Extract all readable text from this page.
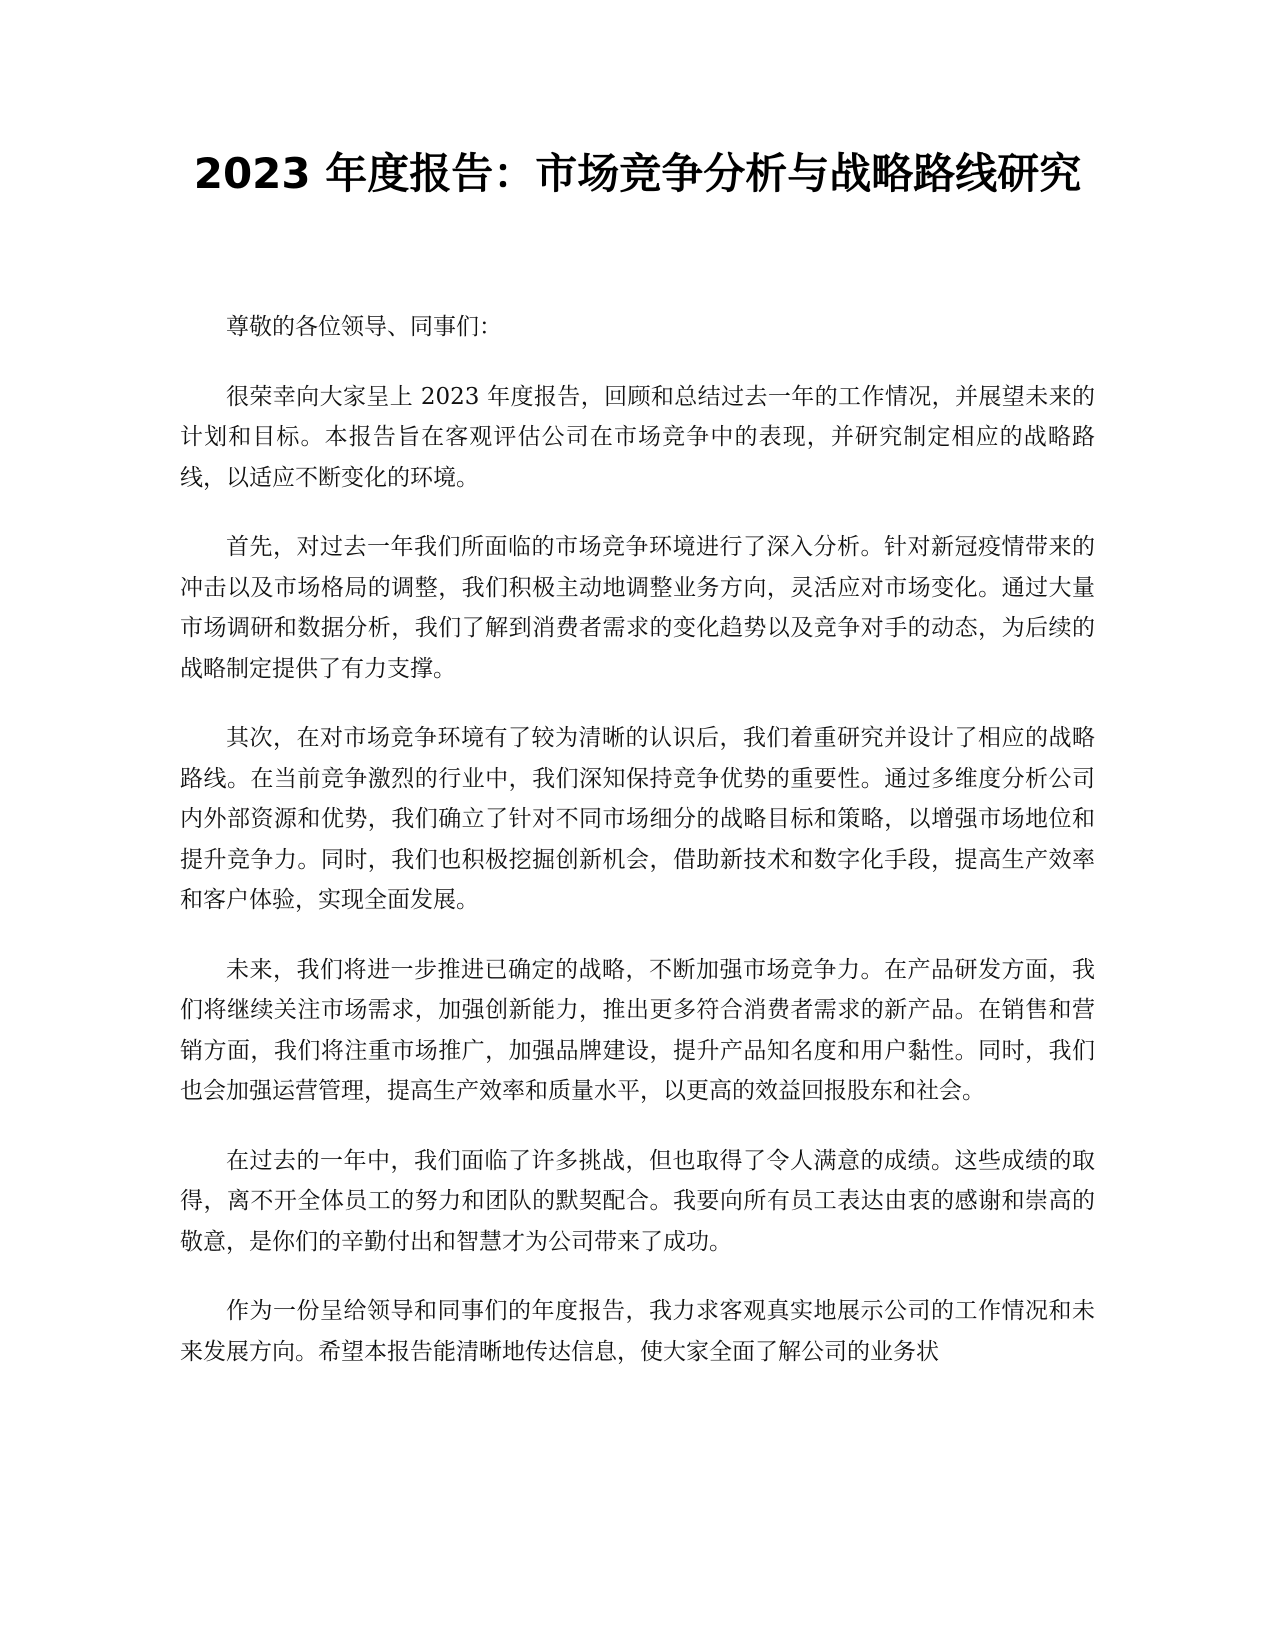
2023 年度报告：市场竞争分析与战略路线研究

尊敬的各位领导、同事们：

很荣幸向大家呈上 2023 年度报告，回顾和总结过去一年的工作情况，并展望未来的计划和目标。本报告旨在客观评估公司在市场竞争中的表现，并研究制定相应的战略路线，以适应不断变化的环境。

首先，对过去一年我们所面临的市场竞争环境进行了深入分析。针对新冠疫情带来的冲击以及市场格局的调整，我们积极主动地调整业务方向，灵活应对市场变化。通过大量市场调研和数据分析，我们了解到消费者需求的变化趋势以及竞争对手的动态，为后续的战略制定提供了有力支撑。

其次，在对市场竞争环境有了较为清晰的认识后，我们着重研究并设计了相应的战略路线。在当前竞争激烈的行业中，我们深知保持竞争优势的重要性。通过多维度分析公司内外部资源和优势，我们确立了针对不同市场细分的战略目标和策略，以增强市场地位和提升竞争力。同时，我们也积极挖掘创新机会，借助新技术和数字化手段，提高生产效率和客户体验，实现全面发展。

未来，我们将进一步推进已确定的战略，不断加强市场竞争力。在产品研发方面，我们将继续关注市场需求，加强创新能力，推出更多符合消费者需求的新产品。在销售和营销方面，我们将注重市场推广，加强品牌建设，提升产品知名度和用户黏性。同时，我们也会加强运营管理，提高生产效率和质量水平，以更高的效益回报股东和社会。

在过去的一年中，我们面临了许多挑战，但也取得了令人满意的成绩。这些成绩的取得，离不开全体员工的努力和团队的默契配合。我要向所有员工表达由衷的感谢和崇高的敬意，是你们的辛勤付出和智慧才为公司带来了成功。

作为一份呈给领导和同事们的年度报告，我力求客观真实地展示公司的工作情况和未来发展方向。希望本报告能清晰地传达信息，使大家全面了解公司的业务状
